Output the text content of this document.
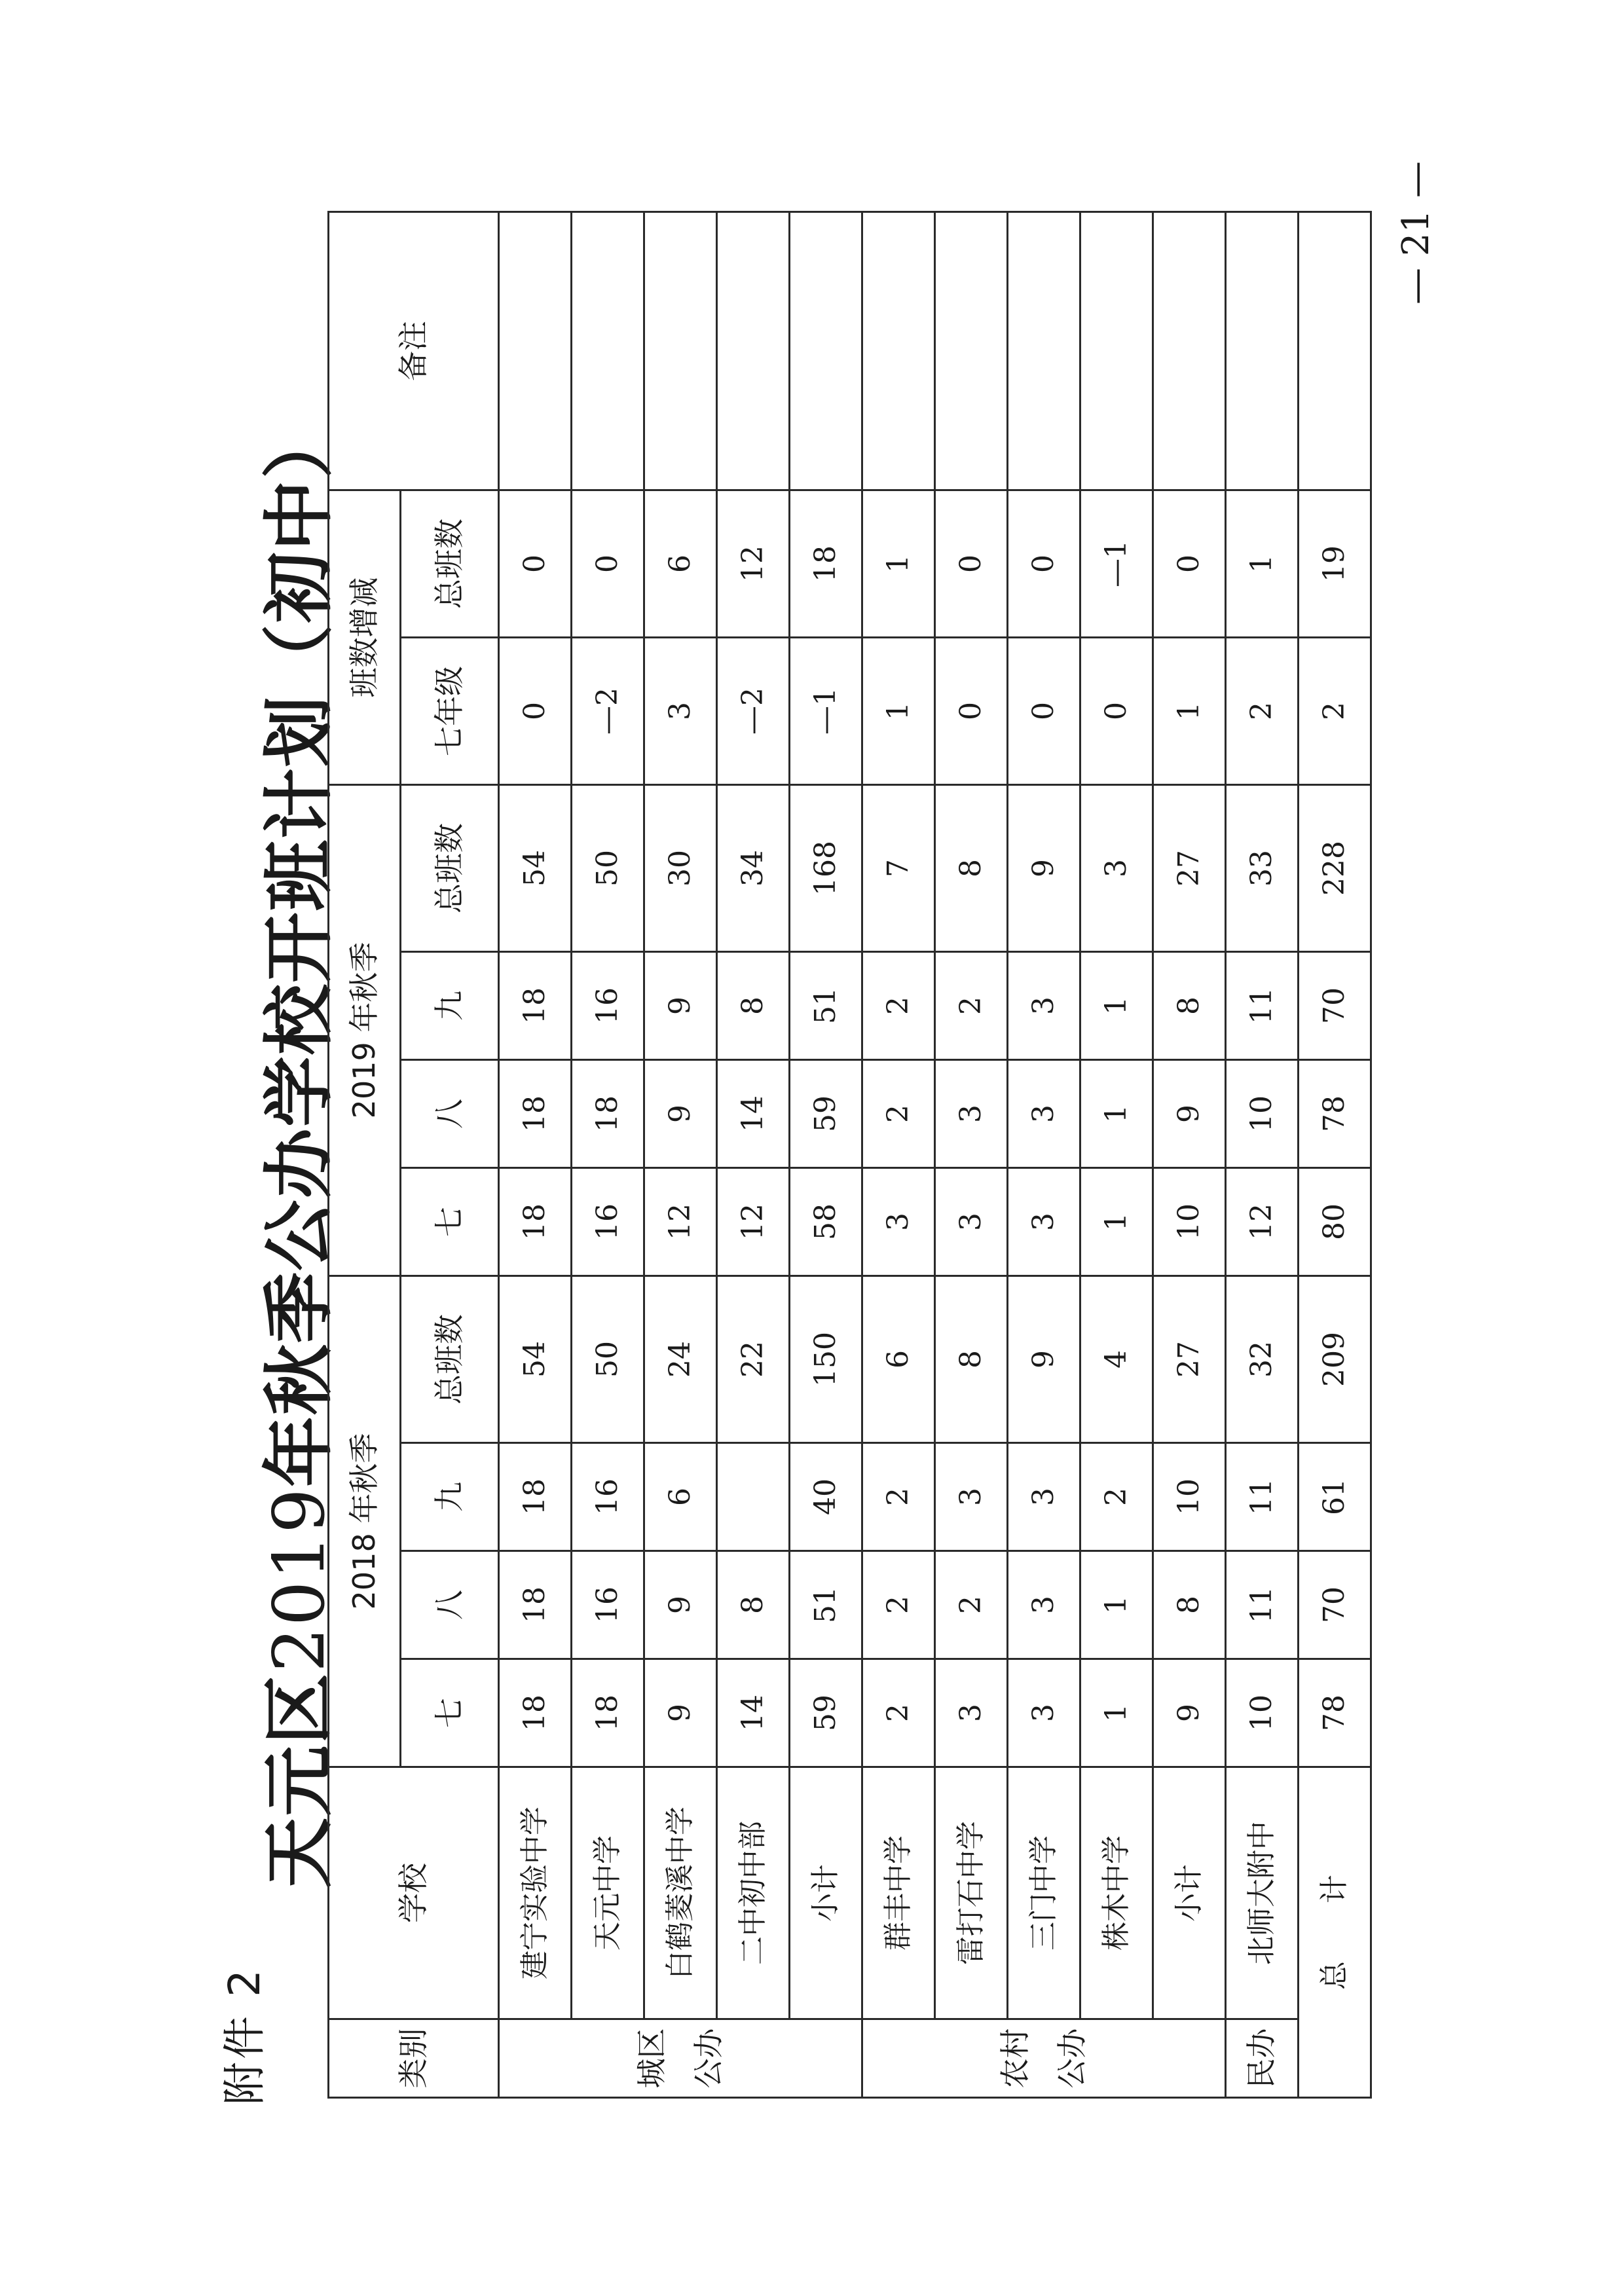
附件 2
天元区2019年秋季公办学校开班计划（初中）
类别	学校	2018 年秋季				2019 年秋季				班数增减		备注
		七	八	九	总班数	七	八	九	总班数	七年级	总班数	

城区 公办	建宁实验中学	18	18	18	54	18	18	18	54	0	0	
	天元中学	18	16	16	50	16	18	16	50	—2	0	
	白鹤菱溪中学	9	9	6	24	12	9	9	30	3	6	
	二中初中部	14	8		22	12	14	8	34	—2	12	
	小计	59	51	40	150	58	59	51	168	—1	18	

农村 公办	群丰中学	2	2	2	6	3	2	2	7	1	1	
	雷打石中学	3	2	3	8	3	3	2	8	0	0	
	三门中学	3	3	3	9	3	3	3	9	0	0	
	株木中学	1	1	2	4	1	1	1	3	0	—1	
	小计	9	8	10	27	10	9	8	27	1	0	
民办	北师大附中	10	11	11	32	12	10	11	33	2	1	
总　　计		78	70	61	209	80	78	70	228	2	19	
— 21 —
